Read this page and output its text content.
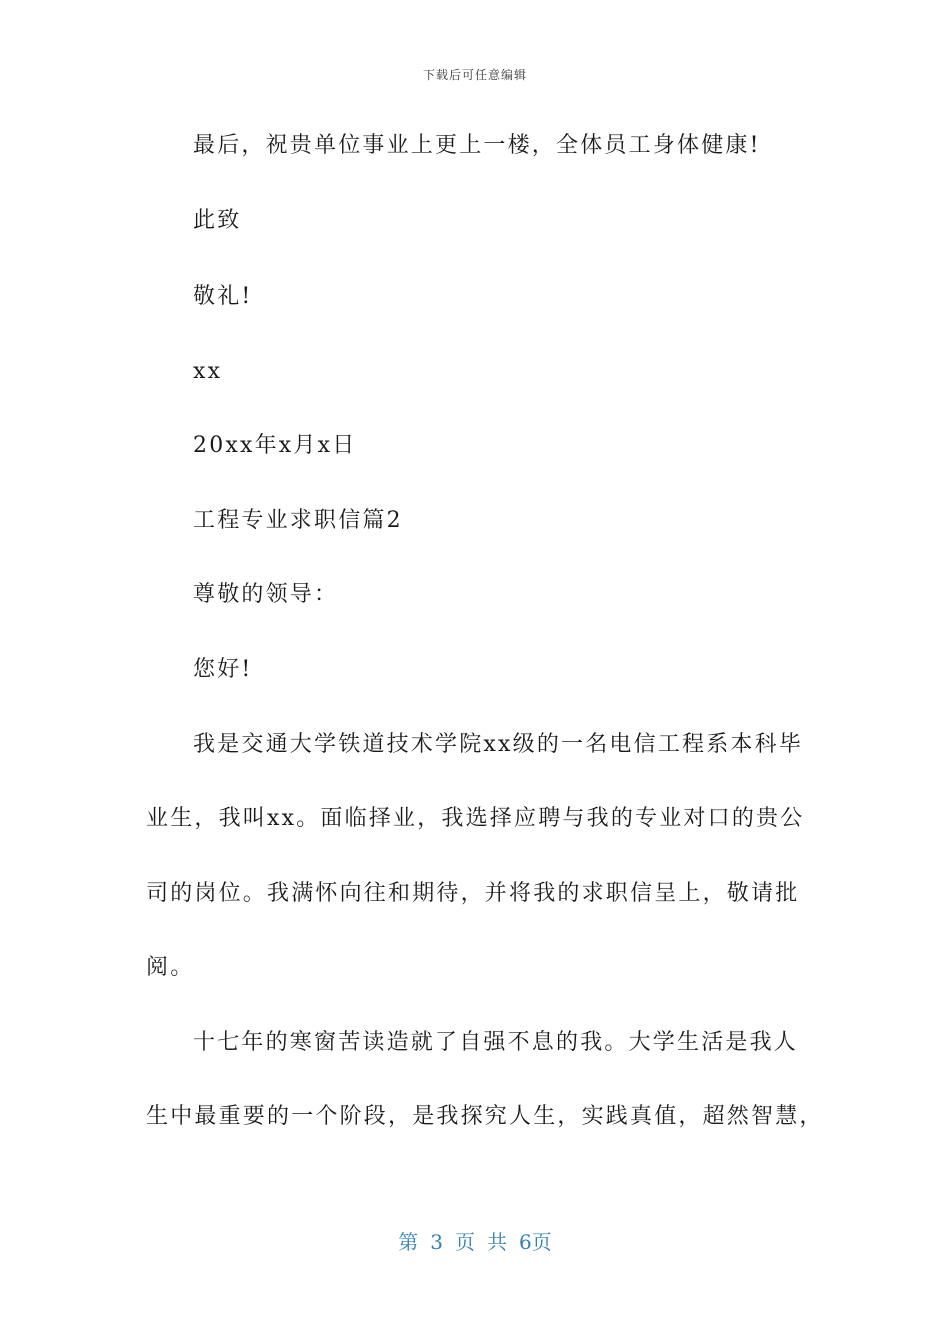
下载后可任意编辑
最后，祝贵单位事业上更上一楼，全体员工身体健康!
此致
敬礼!
xx
20xx年x月x日
工程专业求职信篇2
尊敬的领导：
您好!
我是交通大学铁道技术学院xx级的一名电信工程系本科毕
业生，我叫xx。面临择业，我选择应聘与我的专业对口的贵公
司的岗位。我满怀向往和期待，并将我的求职信呈上，敬请批
阅。
十七年的寒窗苦读造就了自强不息的我。大学生活是我人
生中最重要的一个阶段，是我探究人生，实践真值，超然智慧，
第 3 页 共 6页
